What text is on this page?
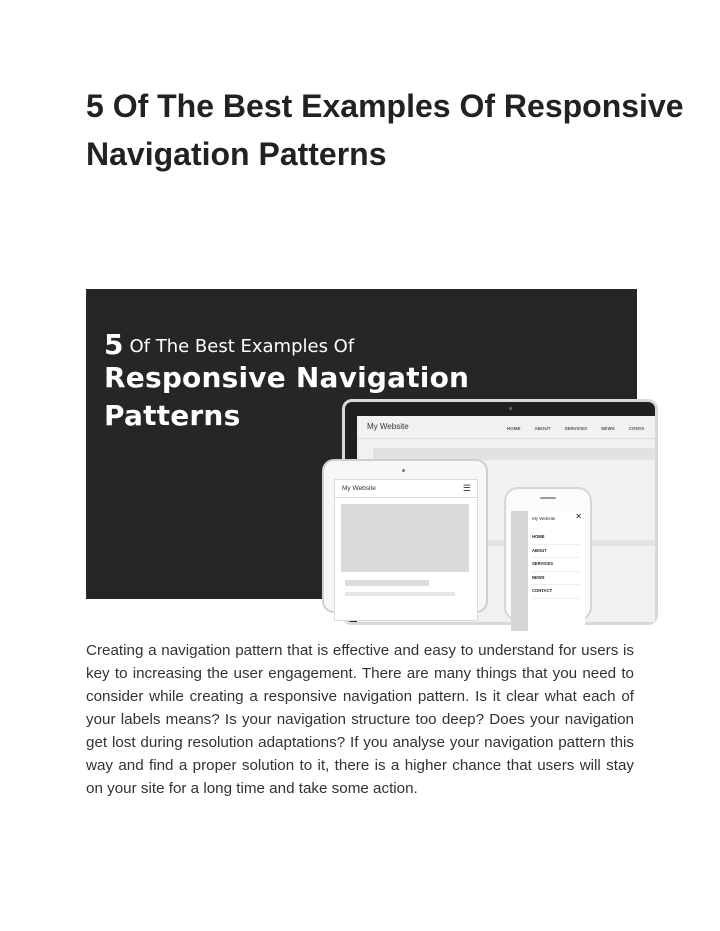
5 Of The Best Examples Of Responsive Navigation Patterns
5 Of The Best Examples Of
Responsive Navigation
Patterns	My Website	HOME	ABOUT	SERVICES	NEWS	CONTA
My Website	☰
My Website ✕
HOME
ABOUT
SERVICES
NEWS
CONTACT

Creating a navigation pattern that is effective and easy to understand for users is key to increasing the user engagement. There are many things that you need to consider while creating a responsive navigation pattern. Is it clear what each of your labels means? Is your navigation structure too deep? Does your navigation get lost during resolution adaptations? If you analyse your navigation pattern this way and find a proper solution to it, there is a higher chance that users will stay on your site for a long time and take some action.
